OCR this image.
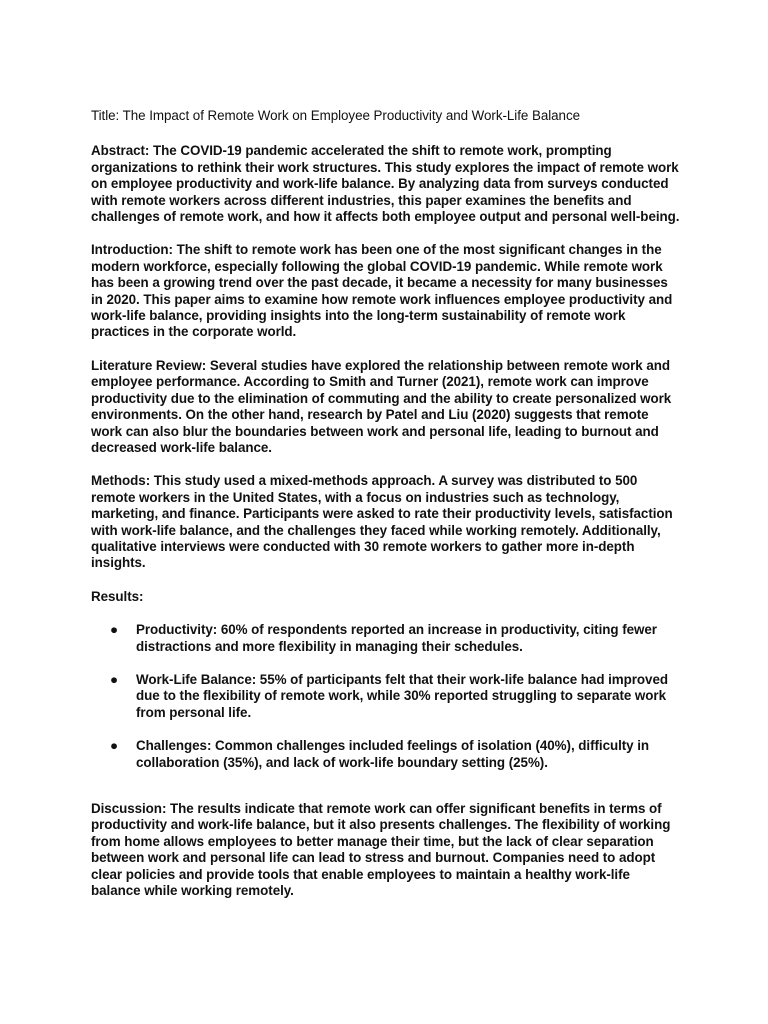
Title: The Impact of Remote Work on Employee Productivity and Work-Life Balance

Abstract: The COVID-19 pandemic accelerated the shift to remote work, prompting organizations to rethink their work structures. This study explores the impact of remote work on employee productivity and work-life balance. By analyzing data from surveys conducted with remote workers across different industries, this paper examines the benefits and challenges of remote work, and how it affects both employee output and personal well-being.

Introduction: The shift to remote work has been one of the most significant changes in the modern workforce, especially following the global COVID-19 pandemic. While remote work has been a growing trend over the past decade, it became a necessity for many businesses in 2020. This paper aims to examine how remote work influences employee productivity and work-life balance, providing insights into the long-term sustainability of remote work practices in the corporate world.

Literature Review: Several studies have explored the relationship between remote work and employee performance. According to Smith and Turner (2021), remote work can improve productivity due to the elimination of commuting and the ability to create personalized work environments. On the other hand, research by Patel and Liu (2020) suggests that remote work can also blur the boundaries between work and personal life, leading to burnout and decreased work-life balance.

Methods: This study used a mixed-methods approach. A survey was distributed to 500 remote workers in the United States, with a focus on industries such as technology, marketing, and finance. Participants were asked to rate their productivity levels, satisfaction with work-life balance, and the challenges they faced while working remotely. Additionally, qualitative interviews were conducted with 30 remote workers to gather more in-depth insights.

Results:

● Productivity: 60% of respondents reported an increase in productivity, citing fewer distractions and more flexibility in managing their schedules.
● Work-Life Balance: 55% of participants felt that their work-life balance had improved due to the flexibility of remote work, while 30% reported struggling to separate work from personal life.
● Challenges: Common challenges included feelings of isolation (40%), difficulty in collaboration (35%), and lack of work-life boundary setting (25%).

Discussion: The results indicate that remote work can offer significant benefits in terms of productivity and work-life balance, but it also presents challenges. The flexibility of working from home allows employees to better manage their time, but the lack of clear separation between work and personal life can lead to stress and burnout. Companies need to adopt clear policies and provide tools that enable employees to maintain a healthy work-life balance while working remotely.
